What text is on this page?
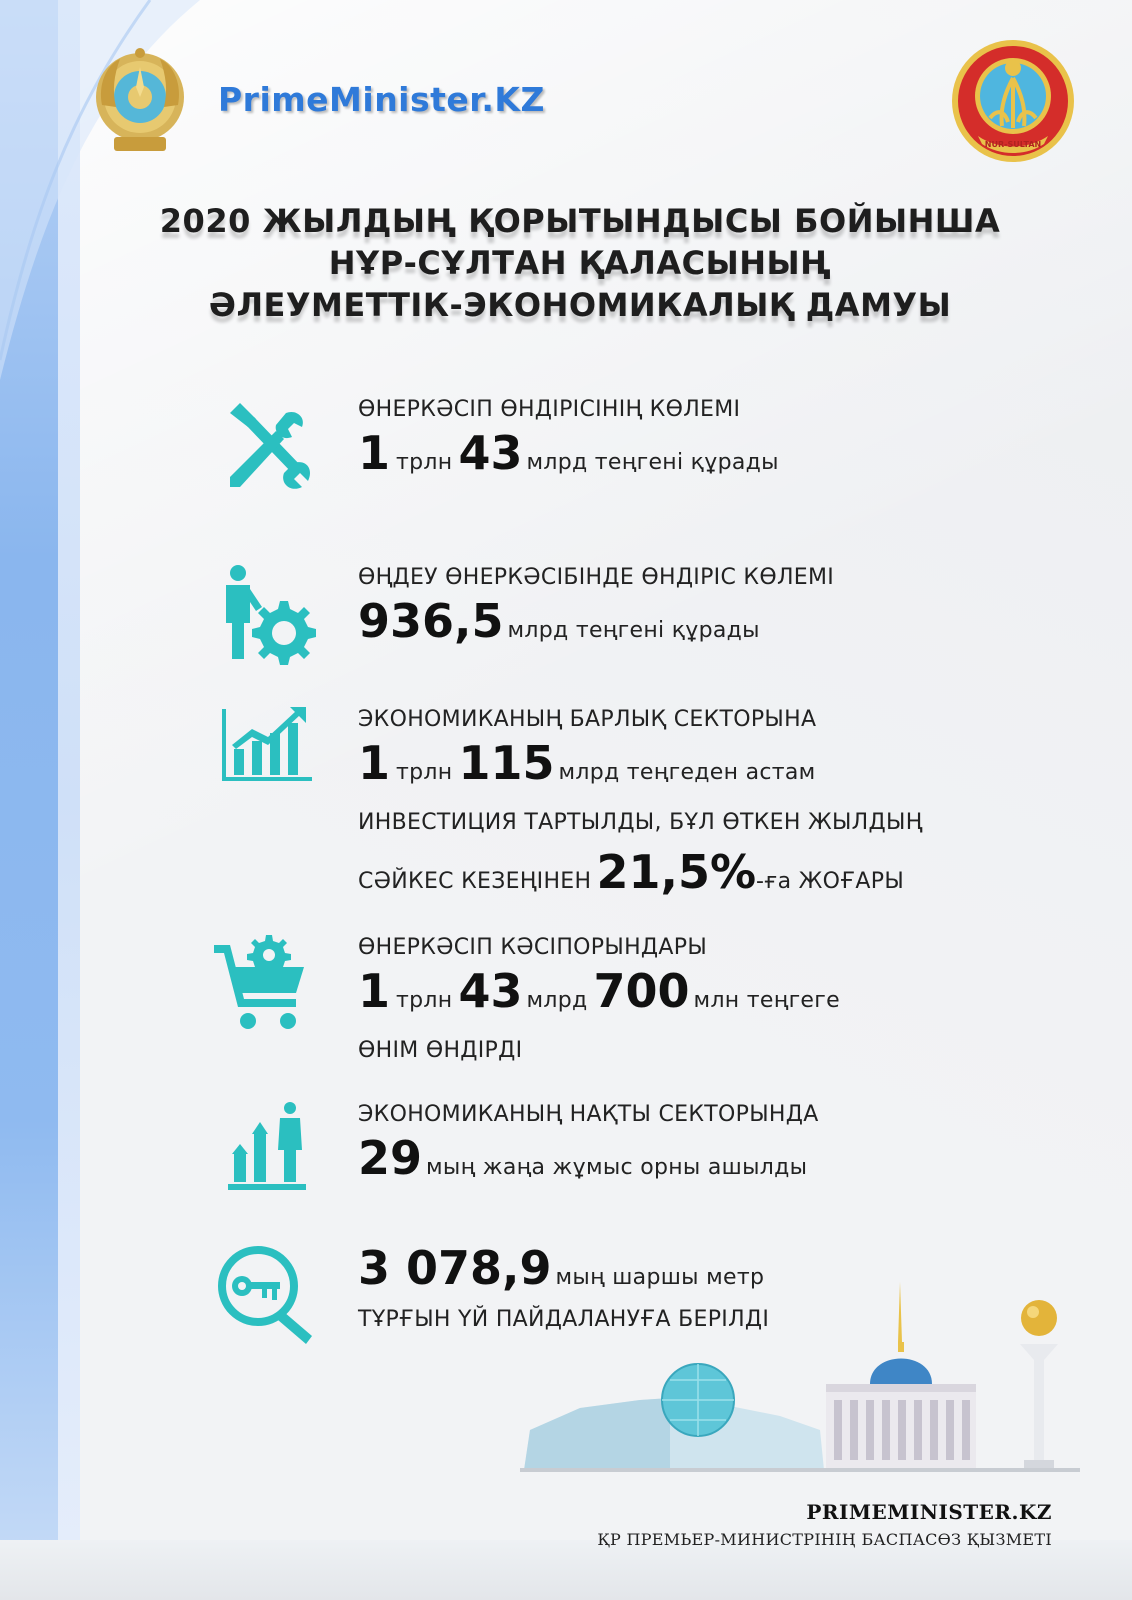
PrimeMinister.KZ
NUR-SULTAN
2020 ЖЫЛДЫҢ ҚОРЫТЫНДЫСЫ БОЙЫНША
НҰР-СҰЛТАН ҚАЛАСЫНЫҢ
ӘЛЕУМЕТТІК-ЭКОНОМИКАЛЫҚ ДАМУЫ
ӨНЕРКӘСІП ӨНДІРІСІНІҢ КӨЛЕМІ
1 трлн 43 млрд теңгені құрады
ӨҢДЕУ ӨНЕРКӘСІБІНДЕ ӨНДІРІС КӨЛЕМІ
936,5 млрд теңгені құрады
ЭКОНОМИКАНЫҢ БАРЛЫҚ СЕКТОРЫНА
1 трлн 115 млрд теңгеден астам
ИНВЕСТИЦИЯ ТАРТЫЛДЫ, БҰЛ ӨТКЕН ЖЫЛДЫҢ
СӘЙКЕС КЕЗЕҢІНЕН 21,5%-ға ЖОҒАРЫ
ӨНЕРКӘСІП КӘСІПОРЫНДАРЫ
1 трлн 43 млрд 700 млн теңгеге
ӨНІМ ӨНДІРДІ
ЭКОНОМИКАНЫҢ НАҚТЫ СЕКТОРЫНДА
29 мың жаңа жұмыс орны ашылды
3 078,9 мың шаршы метр
ТҰРҒЫН ҮЙ ПАЙДАЛАНУҒА БЕРІЛДІ
PRIMEMINISTER.KZ
ҚР ПРЕМЬЕР-МИНИСТРІНІҢ БАСПАСӨЗ ҚЫЗМЕТІ
